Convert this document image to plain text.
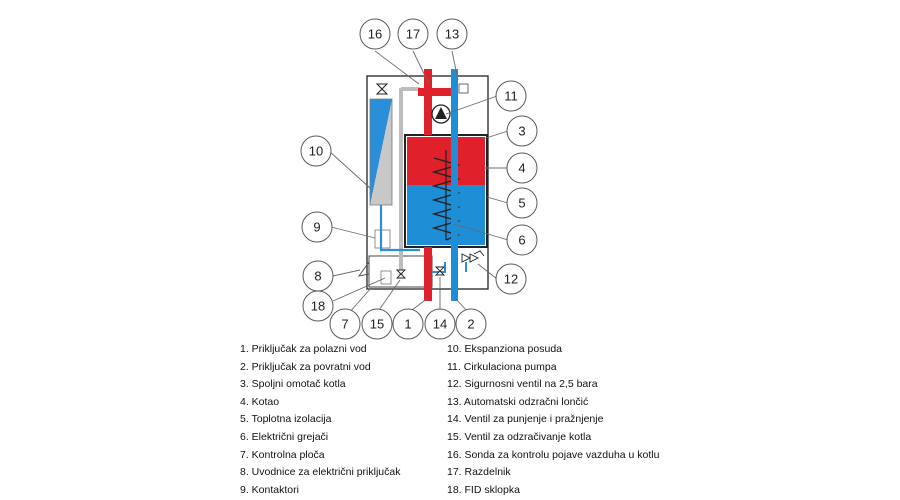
16 17 13
11
3
4
5
6
12
10
9
8
18
7 15 1 14 2
1. Priključak za polazni vod
2. Priključak za povratni vod
3. Spoljni omotač kotla
4. Kotao
5. Toplotna izolacija
6. Električni grejači
7. Kontrolna ploča
8. Uvodnice za električni priključak
9. Kontaktori
10. Ekspanziona posuda
11. Cirkulaciona pumpa
12. Sigurnosni ventil na 2,5 bara
13. Automatski odzračni lončić
14. Ventil za punjenje i pražnjenje
15. Ventil za odzračivanje kotla
16. Sonda za kontrolu pojave vazduha u kotlu
17. Razdelnik
18. FID sklopka
